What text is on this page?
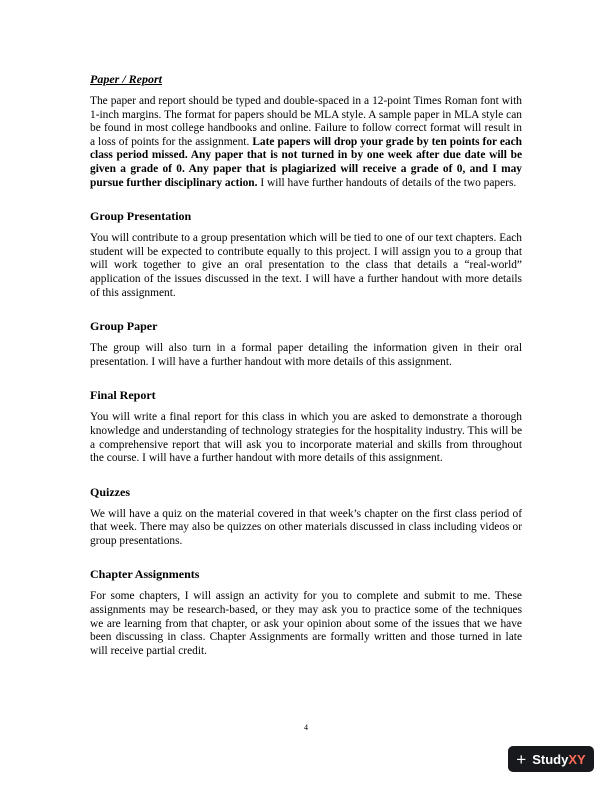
Paper / Report

The paper and report should be typed and double-spaced in a 12-point Times Roman font with 1-inch margins. The format for papers should be MLA style. A sample paper in MLA style can be found in most college handbooks and online. Failure to follow correct format will result in a loss of points for the assignment. Late papers will drop your grade by ten points for each class period missed. Any paper that is not turned in by one week after due date will be given a grade of 0. Any paper that is plagiarized will receive a grade of 0, and I may pursue further disciplinary action. I will have further handouts of details of the two papers.

Group Presentation

You will contribute to a group presentation which will be tied to one of our text chapters. Each student will be expected to contribute equally to this project. I will assign you to a group that will work together to give an oral presentation to the class that details a “real-world” application of the issues discussed in the text. I will have a further handout with more details of this assignment.

Group Paper

The group will also turn in a formal paper detailing the information given in their oral presentation. I will have a further handout with more details of this assignment.

Final Report

You will write a final report for this class in which you are asked to demonstrate a thorough knowledge and understanding of technology strategies for the hospitality industry. This will be a comprehensive report that will ask you to incorporate material and skills from throughout the course. I will have a further handout with more details of this assignment.

Quizzes

We will have a quiz on the material covered in that week’s chapter on the first class period of that week. There may also be quizzes on other materials discussed in class including videos or group presentations.

Chapter Assignments

For some chapters, I will assign an activity for you to complete and submit to me. These assignments may be research-based, or they may ask you to practice some of the techniques we are learning from that chapter, or ask your opinion about some of the issues that we have been discussing in class. Chapter Assignments are formally written and those turned in late will receive partial credit.

4
+ Study XY
